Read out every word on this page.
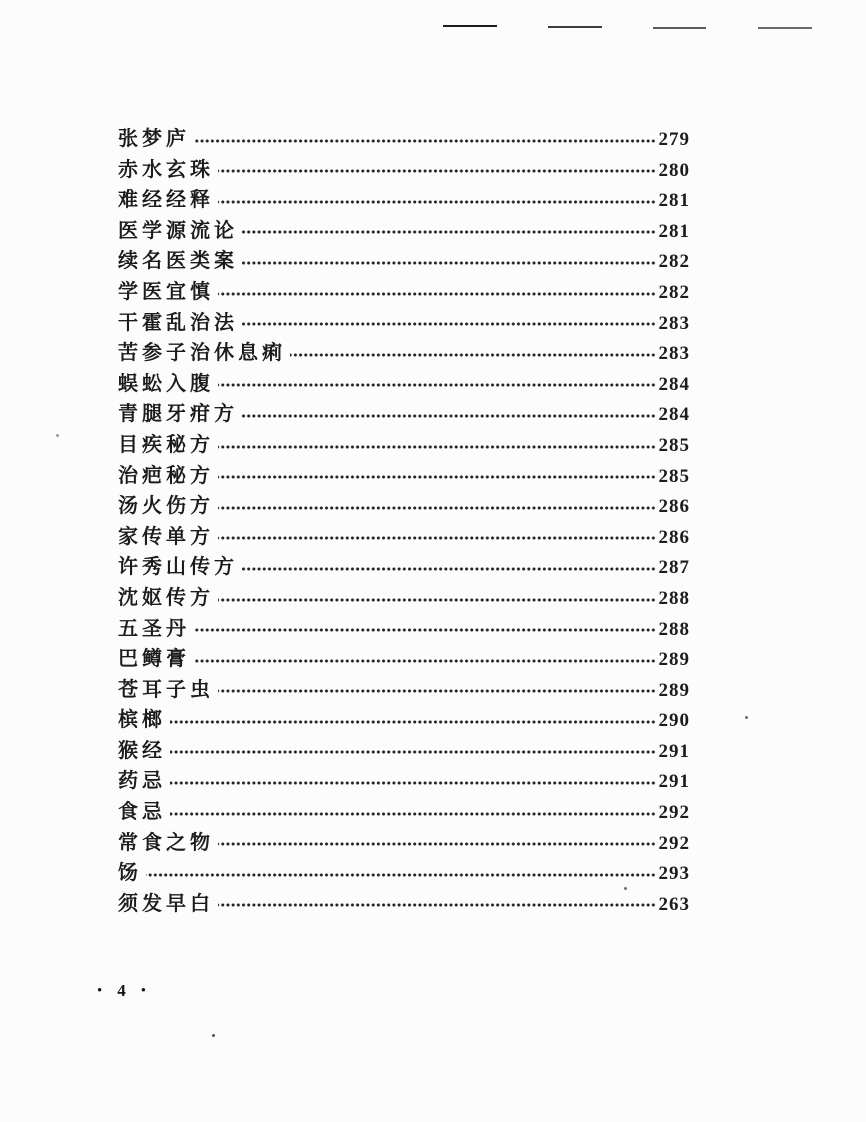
张梦庐	279
赤水玄珠	280
难经经释	281
医学源流论	281
续名医类案	282
学医宜慎	282
干霍乱治法	283
苦参子治休息痢	283
蜈蚣入腹	284
青腿牙疳方	284
目疾秘方	285
治疤秘方	285
汤火伤方	286
家传单方	286
许秀山传方	287
沈妪传方	288
五圣丹	288
巴鳟膏	289
苍耳子虫	289
槟榔	290
猴经	291
药忌	291
食忌	292
常食之物	292
饧	293
须发早白	263
• 4 •
